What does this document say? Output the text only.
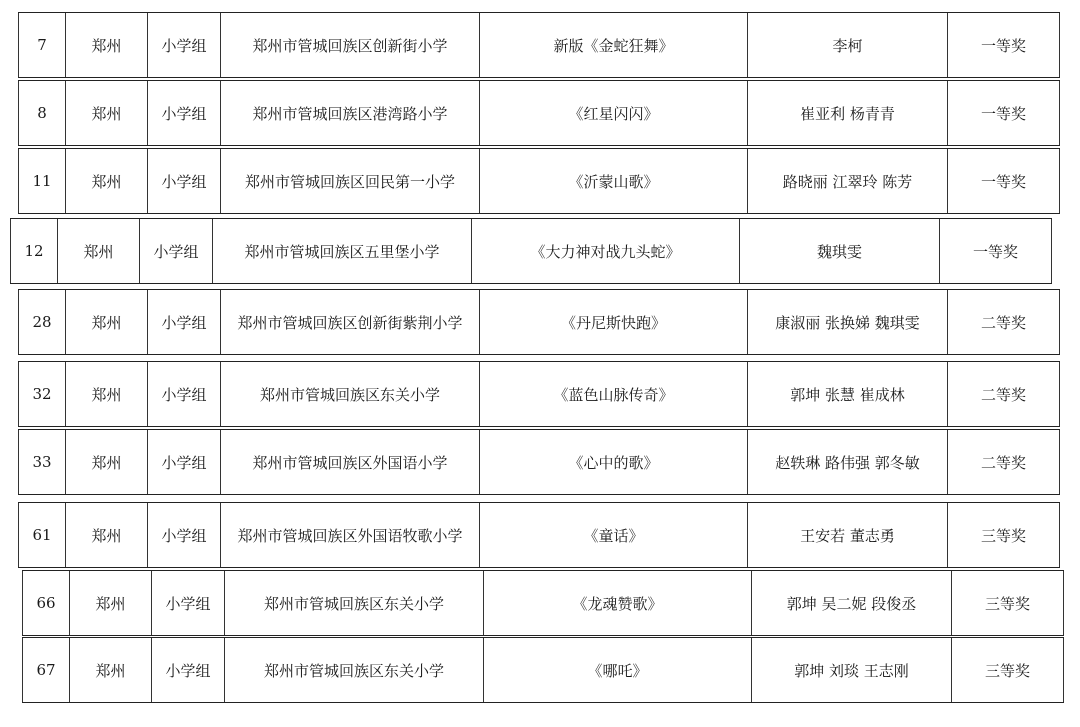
7	郑州	小学组	郑州市管城回族区创新街小学	新版《金蛇狂舞》	李柯	一等奖
8	郑州	小学组	郑州市管城回族区港湾路小学	《红星闪闪》	崔亚利 杨青青	一等奖
11	郑州	小学组	郑州市管城回族区回民第一小学	《沂蒙山歌》	路晓丽 江翠玲 陈芳	一等奖
12	郑州	小学组	郑州市管城回族区五里堡小学	《大力神对战九头蛇》	魏琪雯	一等奖
28	郑州	小学组	郑州市管城回族区创新街紫荆小学	《丹尼斯快跑》	康淑丽 张换娣 魏琪雯	二等奖
32	郑州	小学组	郑州市管城回族区东关小学	《蓝色山脉传奇》	郭坤 张慧 崔成林	二等奖
33	郑州	小学组	郑州市管城回族区外国语小学	《心中的歌》	赵轶琳 路伟强 郭冬敏	二等奖
61	郑州	小学组	郑州市管城回族区外国语牧歌小学	《童话》	王安若 董志勇	三等奖
66	郑州	小学组	郑州市管城回族区东关小学	《龙魂赞歌》	郭坤 吴二妮 段俊丞	三等奖
67	郑州	小学组	郑州市管城回族区东关小学	《哪吒》	郭坤 刘琰 王志刚	三等奖
